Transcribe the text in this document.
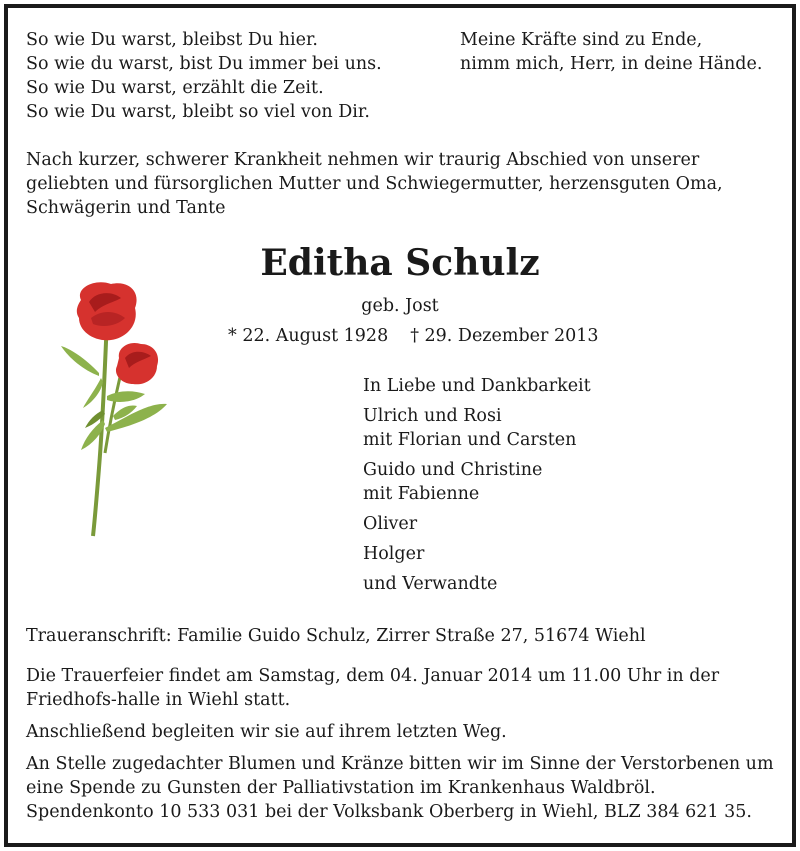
So wie Du warst, bleibst Du hier.
So wie du warst, bist Du immer bei uns.
So wie Du warst, erzählt die Zeit.
So wie Du warst, bleibt so viel von Dir.
Meine Kräfte sind zu Ende,
nimm mich, Herr, in deine Hände.
Nach kurzer, schwerer Krankheit nehmen wir traurig Abschied von unserer geliebten und fürsorglichen Mutter und Schwiegermutter, herzensguten Oma, Schwägerin und Tante
Editha Schulz
geb. Jost
* 22. August 1928 † 29. Dezember 2013
In Liebe und Dankbarkeit
Ulrich und Rosi
mit Florian und Carsten
Guido und Christine
mit Fabienne
Oliver
Holger
und Verwandte
Traueranschrift: Familie Guido Schulz, Zirrer Straße 27, 51674 Wiehl

Die Trauerfeier findet am Samstag, dem 04. Januar 2014 um 11.00 Uhr in der Friedhofs-halle in Wiehl statt.

Anschließend begleiten wir sie auf ihrem letzten Weg.

An Stelle zugedachter Blumen und Kränze bitten wir im Sinne der Verstorbenen um eine Spende zu Gunsten der Palliativstation im Krankenhaus Waldbröl. Spendenkonto 10 533 031 bei der Volksbank Oberberg in Wiehl, BLZ 384 621 35.
